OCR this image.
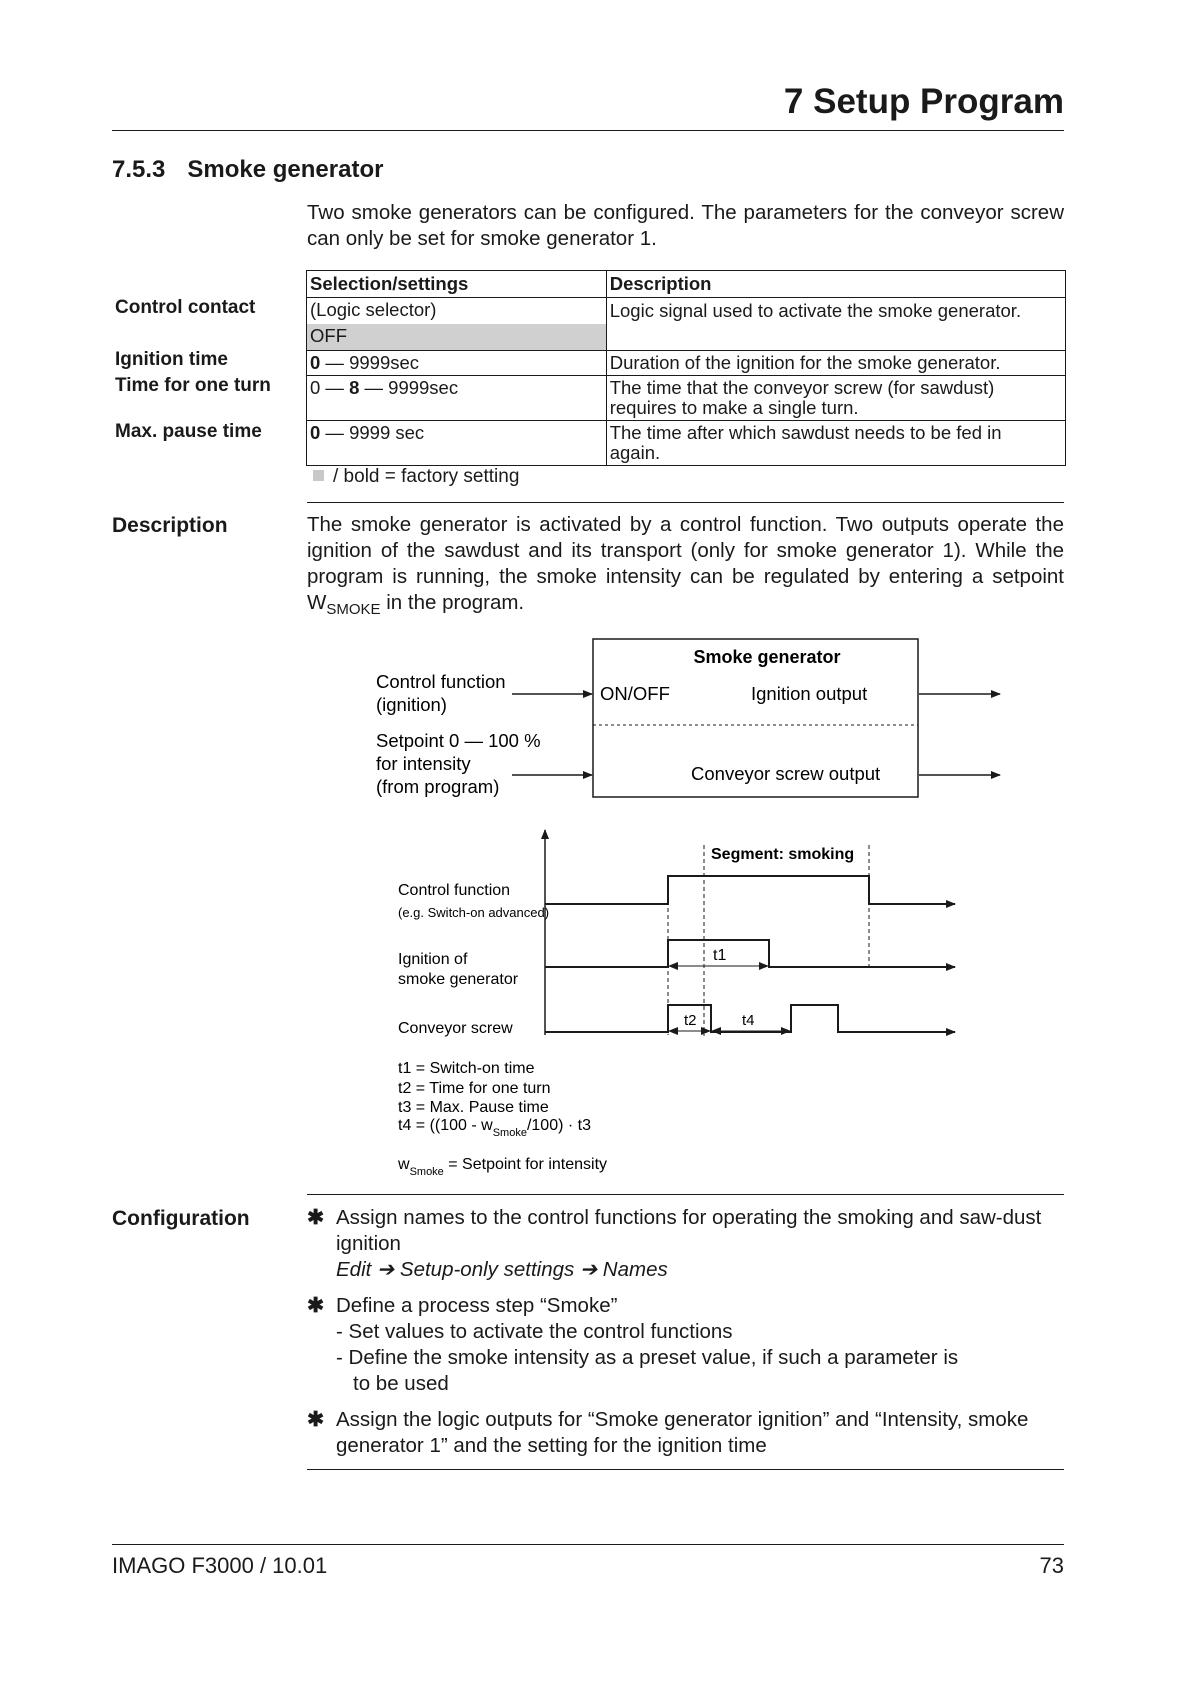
7 Setup Program
7.5.3 Smoke generator
Two smoke generators can be configured. The parameters for the conveyor screw can only be set for smoke generator 1.
Control contact
Ignition time
Time for one turn
Max. pause time
Selection/settings	Description

(Logic selector)
OFF	Logic signal used to activate the smoke generator.
0 — 9999sec	Duration of the ignition for the smoke generator.
0 — 8 — 9999sec	The time that the conveyor screw (for sawdust)
requires to make a single turn.

0 — 9999 sec	The time after which sawdust needs to be fed in
again.
/ bold = factory setting
Description	The smoke generator is activated by a control function. Two outputs operate the ignition of the sawdust and its transport (only for smoke generator 1). While the program is running, the smoke intensity can be regulated by entering a setpoint $W_{SMOKE}$ in the program.
Smoke generator
ON/OFF	Ignition output
Conveyor screw output
Control function
(ignition)
Setpoint 0 — 100 %
for intensity
(from program)
Segment: smoking
Control function
(e.g. Switch-on advanced)
Ignition of
smoke generator
t1
Conveyor screw	t2	t4
t1 = Switch-on time
t2 = Time for one turn
t3 = Max. Pause time
$t4 = ((100 - w_{Smoke}/100) \cdot t3$
$w_{Smoke}$ = Setpoint for intensity
Configuration	✱ Assign names to the control functions for operating the smoking and saw-dust ignition
Edit ➔ Setup-only settings ➔ Names
✱ Define a process step “Smoke”
- Set values to activate the control functions
- Define the smoke intensity as a preset value, if such a parameter is
to be used
✱ Assign the logic outputs for “Smoke generator ignition” and “Intensity, smoke generator 1” and the setting for the ignition time
IMAGO F3000 / 10.01	73
